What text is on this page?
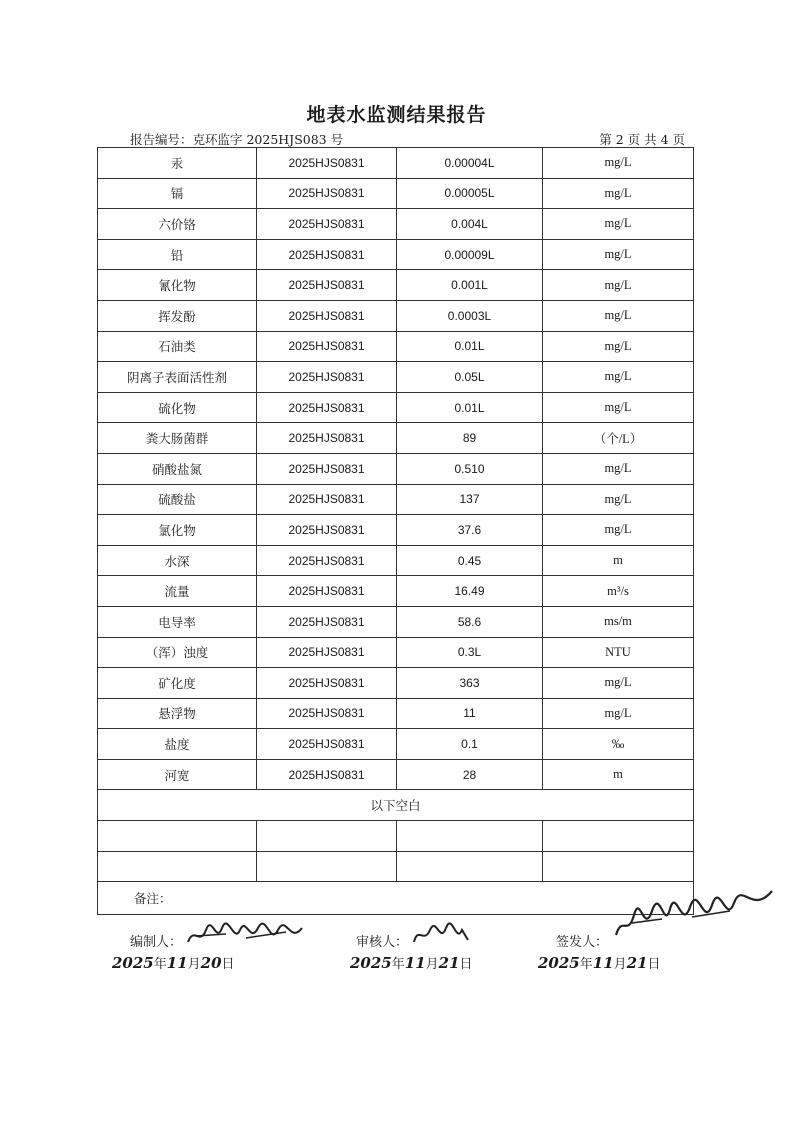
地表水监测结果报告
报告编号：克环监字 2025HJS083 号	第 2 页 共 4 页
汞	2025HJS0831	0.00004L	mg/L
镉	2025HJS0831	0.00005L	mg/L
六价铬	2025HJS0831	0.004L	mg/L
铅	2025HJS0831	0.00009L	mg/L
氰化物	2025HJS0831	0.001L	mg/L
挥发酚	2025HJS0831	0.0003L	mg/L
石油类	2025HJS0831	0.01L	mg/L
阴离子表面活性剂	2025HJS0831	0.05L	mg/L
硫化物	2025HJS0831	0.01L	mg/L
粪大肠菌群	2025HJS0831	89	（个/L）
硝酸盐氮	2025HJS0831	0.510	mg/L
硫酸盐	2025HJS0831	137	mg/L
氯化物	2025HJS0831	37.6	mg/L
水深	2025HJS0831	0.45	m
流量	2025HJS0831	16.49	m³/s
电导率	2025HJS0831	58.6	ms/m
（浑）浊度	2025HJS0831	0.3L	NTU
矿化度	2025HJS0831	363	mg/L
悬浮物	2025HJS0831	11	mg/L
盐度	2025HJS0831	0.1	‰
河宽	2025HJS0831	28	m
以下空白			

备注：			
编制人：	审核人：	签发人：
2025年11月20日	2025年11月21日	2025年11月21日
